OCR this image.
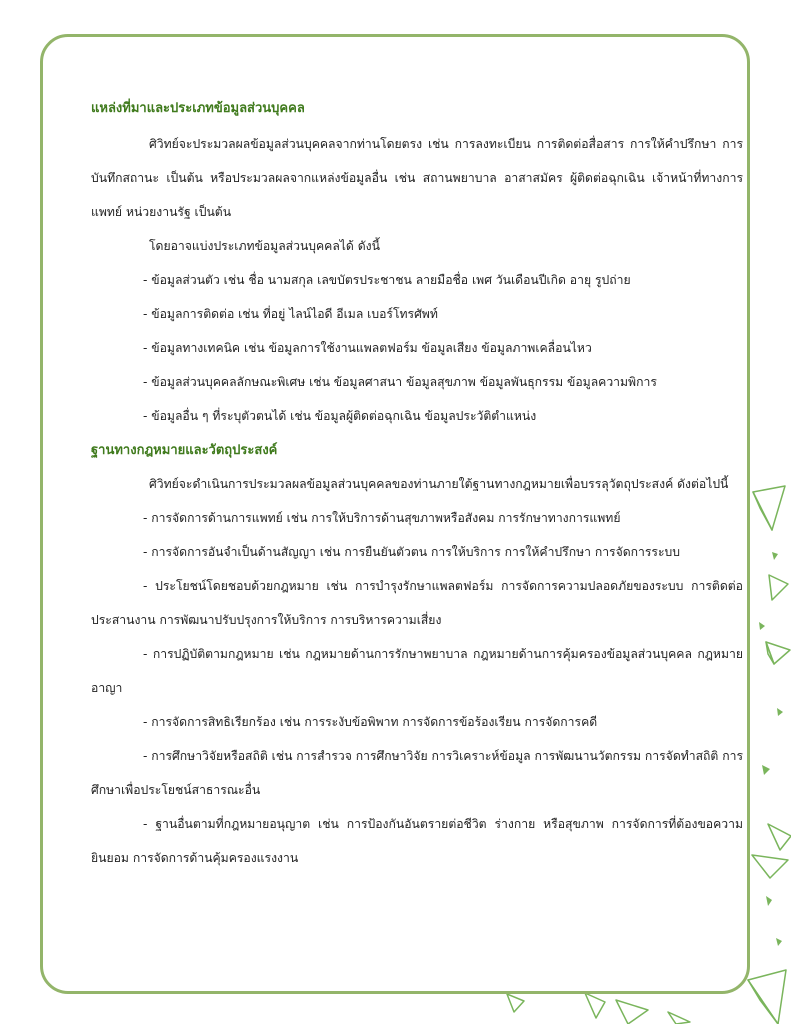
แหล่งที่มาและประเภทข้อมูลส่วนบุคคล

ศิวิทย์จะประมวลผลข้อมูลส่วนบุคคลจากท่านโดยตรง เช่น การลงทะเบียน การติดต่อสื่อสาร การให้คำปรึกษา การบันทึกสถานะ เป็นต้น หรือประมวลผลจากแหล่งข้อมูลอื่น เช่น สถานพยาบาล อาสาสมัคร ผู้ติดต่อฉุกเฉิน เจ้าหน้าที่ทางการแพทย์ หน่วยงานรัฐ เป็นต้น

โดยอาจแบ่งประเภทข้อมูลส่วนบุคคลได้ ดังนี้
- ข้อมูลส่วนตัว เช่น ชื่อ นามสกุล เลขบัตรประชาชน ลายมือชื่อ เพศ วันเดือนปีเกิด อายุ รูปถ่าย
- ข้อมูลการติดต่อ เช่น ที่อยู่ ไลน์ไอดี อีเมล เบอร์โทรศัพท์
- ข้อมูลทางเทคนิค เช่น ข้อมูลการใช้งานแพลตฟอร์ม ข้อมูลเสียง ข้อมูลภาพเคลื่อนไหว
- ข้อมูลส่วนบุคคลลักษณะพิเศษ เช่น ข้อมูลศาสนา ข้อมูลสุขภาพ ข้อมูลพันธุกรรม ข้อมูลความพิการ
- ข้อมูลอื่น ๆ ที่ระบุตัวตนได้ เช่น ข้อมูลผู้ติดต่อฉุกเฉิน ข้อมูลประวัติตำแหน่ง
ฐานทางกฎหมายและวัตถุประสงค์

ศิวิทย์จะดำเนินการประมวลผลข้อมูลส่วนบุคคลของท่านภายใต้ฐานทางกฎหมายเพื่อบรรลุวัตถุประสงค์ ดังต่อไปนี้

- การจัดการด้านการแพทย์ เช่น การให้บริการด้านสุขภาพหรือสังคม การรักษาทางการแพทย์

- การจัดการอันจำเป็นด้านสัญญา เช่น การยืนยันตัวตน การให้บริการ การให้คำปรึกษา การจัดการระบบ

- ประโยชน์โดยชอบด้วยกฎหมาย เช่น การบำรุงรักษาแพลตฟอร์ม การจัดการความปลอดภัยของระบบ การติดต่อประสานงาน การพัฒนาปรับปรุงการให้บริการ การบริหารความเสี่ยง

- การปฏิบัติตามกฎหมาย เช่น กฎหมายด้านการรักษาพยาบาล กฎหมายด้านการคุ้มครองข้อมูลส่วนบุคคล กฎหมายอาญา

- การจัดการสิทธิเรียกร้อง เช่น การระงับข้อพิพาท การจัดการข้อร้องเรียน การจัดการคดี

- การศึกษาวิจัยหรือสถิติ เช่น การสำรวจ การศึกษาวิจัย การวิเคราะห์ข้อมูล การพัฒนานวัตกรรม การจัดทำสถิติ การศึกษาเพื่อประโยชน์สาธารณะอื่น

- ฐานอื่นตามที่กฎหมายอนุญาต เช่น การป้องกันอันตรายต่อชีวิต ร่างกาย หรือสุขภาพ การจัดการที่ต้องขอความยินยอม การจัดการด้านคุ้มครองแรงงาน
